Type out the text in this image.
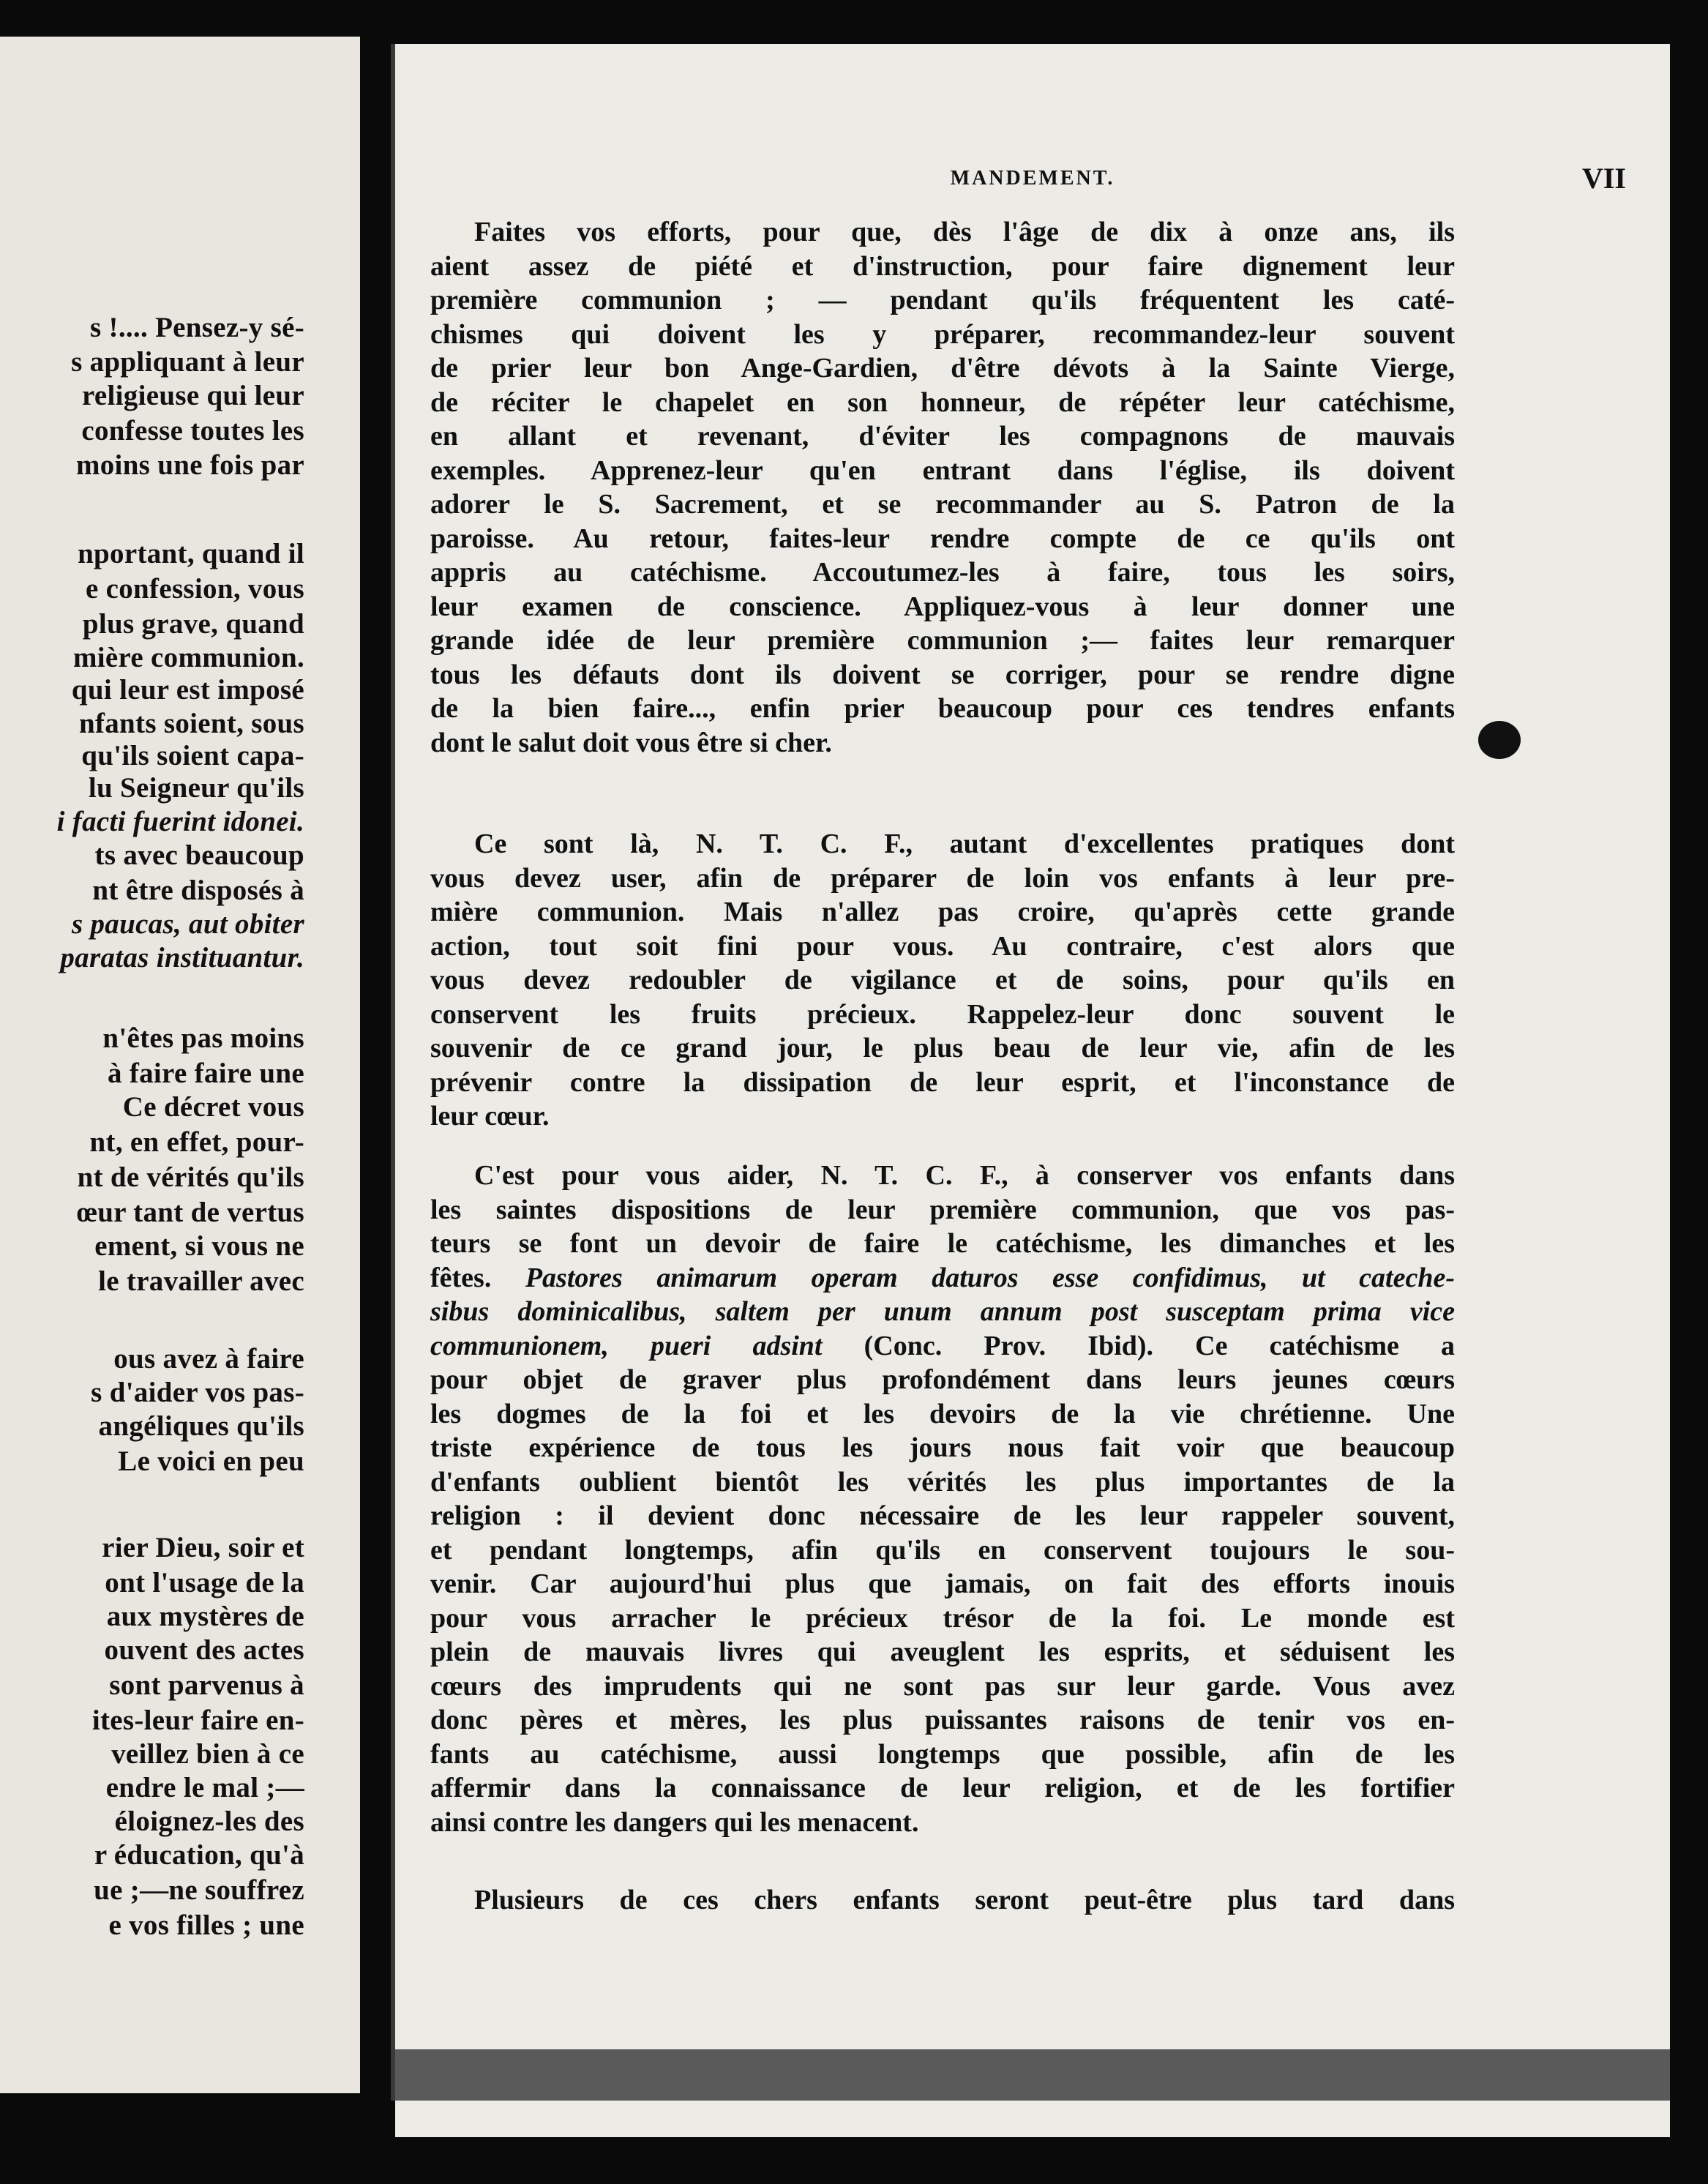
s !.... Pensez-y sé-
s appliquant à leur
religieuse qui leur
confesse toutes les
moins une fois par
nportant, quand il
e confession, vous
plus grave, quand
mière communion.
qui leur est imposé
nfants soient, sous
qu'ils soient capa-
lu Seigneur qu'ils
i facti fuerint idonei.
ts avec beaucoup
nt être disposés à
s paucas, aut obiter
paratas instituantur.
n'êtes pas moins
à faire faire une
Ce décret vous
nt, en effet, pour-
nt de vérités qu'ils
œur tant de vertus
ement, si vous ne
le travailler avec
ous avez à faire
s d'aider vos pas-
angéliques qu'ils
Le voici en peu
rier Dieu, soir et
ont l'usage de la
aux mystères de
ouvent des actes
sont parvenus à
ites-leur faire en-
veillez bien à ce
endre le mal ;—
éloignez-les des
r éducation, qu'à
ue ;—ne souffrez
e vos filles ; une
MANDEMENT.	VII
Faites vos efforts, pour que, dès l'âge de dix à onze ans, ils
aient assez de piété et d'instruction, pour faire dignement leur
première communion ; — pendant qu'ils fréquentent les caté-
chismes qui doivent les y préparer, recommandez-leur souvent
de prier leur bon Ange-Gardien, d'être dévots à la Sainte Vierge,
de réciter le chapelet en son honneur, de répéter leur catéchisme,
en allant et revenant, d'éviter les compagnons de mauvais
exemples. Apprenez-leur qu'en entrant dans l'église, ils doivent
adorer le S. Sacrement, et se recommander au S. Patron de la
paroisse. Au retour, faites-leur rendre compte de ce qu'ils ont
appris au catéchisme. Accoutumez-les à faire, tous les soirs,
leur examen de conscience. Appliquez-vous à leur donner une
grande idée de leur première communion ;— faites leur remarquer
tous les défauts dont ils doivent se corriger, pour se rendre digne
de la bien faire..., enfin prier beaucoup pour ces tendres enfants
dont le salut doit vous être si cher.
Ce sont là, N. T. C. F., autant d'excellentes pratiques dont
vous devez user, afin de préparer de loin vos enfants à leur pre-
mière communion. Mais n'allez pas croire, qu'après cette grande
action, tout soit fini pour vous. Au contraire, c'est alors que
vous devez redoubler de vigilance et de soins, pour qu'ils en
conservent les fruits précieux. Rappelez-leur donc souvent le
souvenir de ce grand jour, le plus beau de leur vie, afin de les
prévenir contre la dissipation de leur esprit, et l'inconstance de
leur cœur.
C'est pour vous aider, N. T. C. F., à conserver vos enfants dans
les saintes dispositions de leur première communion, que vos pas-
teurs se font un devoir de faire le catéchisme, les dimanches et les
fêtes. Pastores animarum operam daturos esse confidimus, ut cateche-
sibus dominicalibus, saltem per unum annum post susceptam prima vice
communionem, pueri adsint (Conc. Prov. Ibid). Ce catéchisme a
pour objet de graver plus profondément dans leurs jeunes cœurs
les dogmes de la foi et les devoirs de la vie chrétienne. Une
triste expérience de tous les jours nous fait voir que beaucoup
d'enfants oublient bientôt les vérités les plus importantes de la
religion : il devient donc nécessaire de les leur rappeler souvent,
et pendant longtemps, afin qu'ils en conservent toujours le sou-
venir. Car aujourd'hui plus que jamais, on fait des efforts inouis
pour vous arracher le précieux trésor de la foi. Le monde est
plein de mauvais livres qui aveuglent les esprits, et séduisent les
cœurs des imprudents qui ne sont pas sur leur garde. Vous avez
donc pères et mères, les plus puissantes raisons de tenir vos en-
fants au catéchisme, aussi longtemps que possible, afin de les
affermir dans la connaissance de leur religion, et de les fortifier
ainsi contre les dangers qui les menacent.
Plusieurs de ces chers enfants seront peut-être plus tard dans
